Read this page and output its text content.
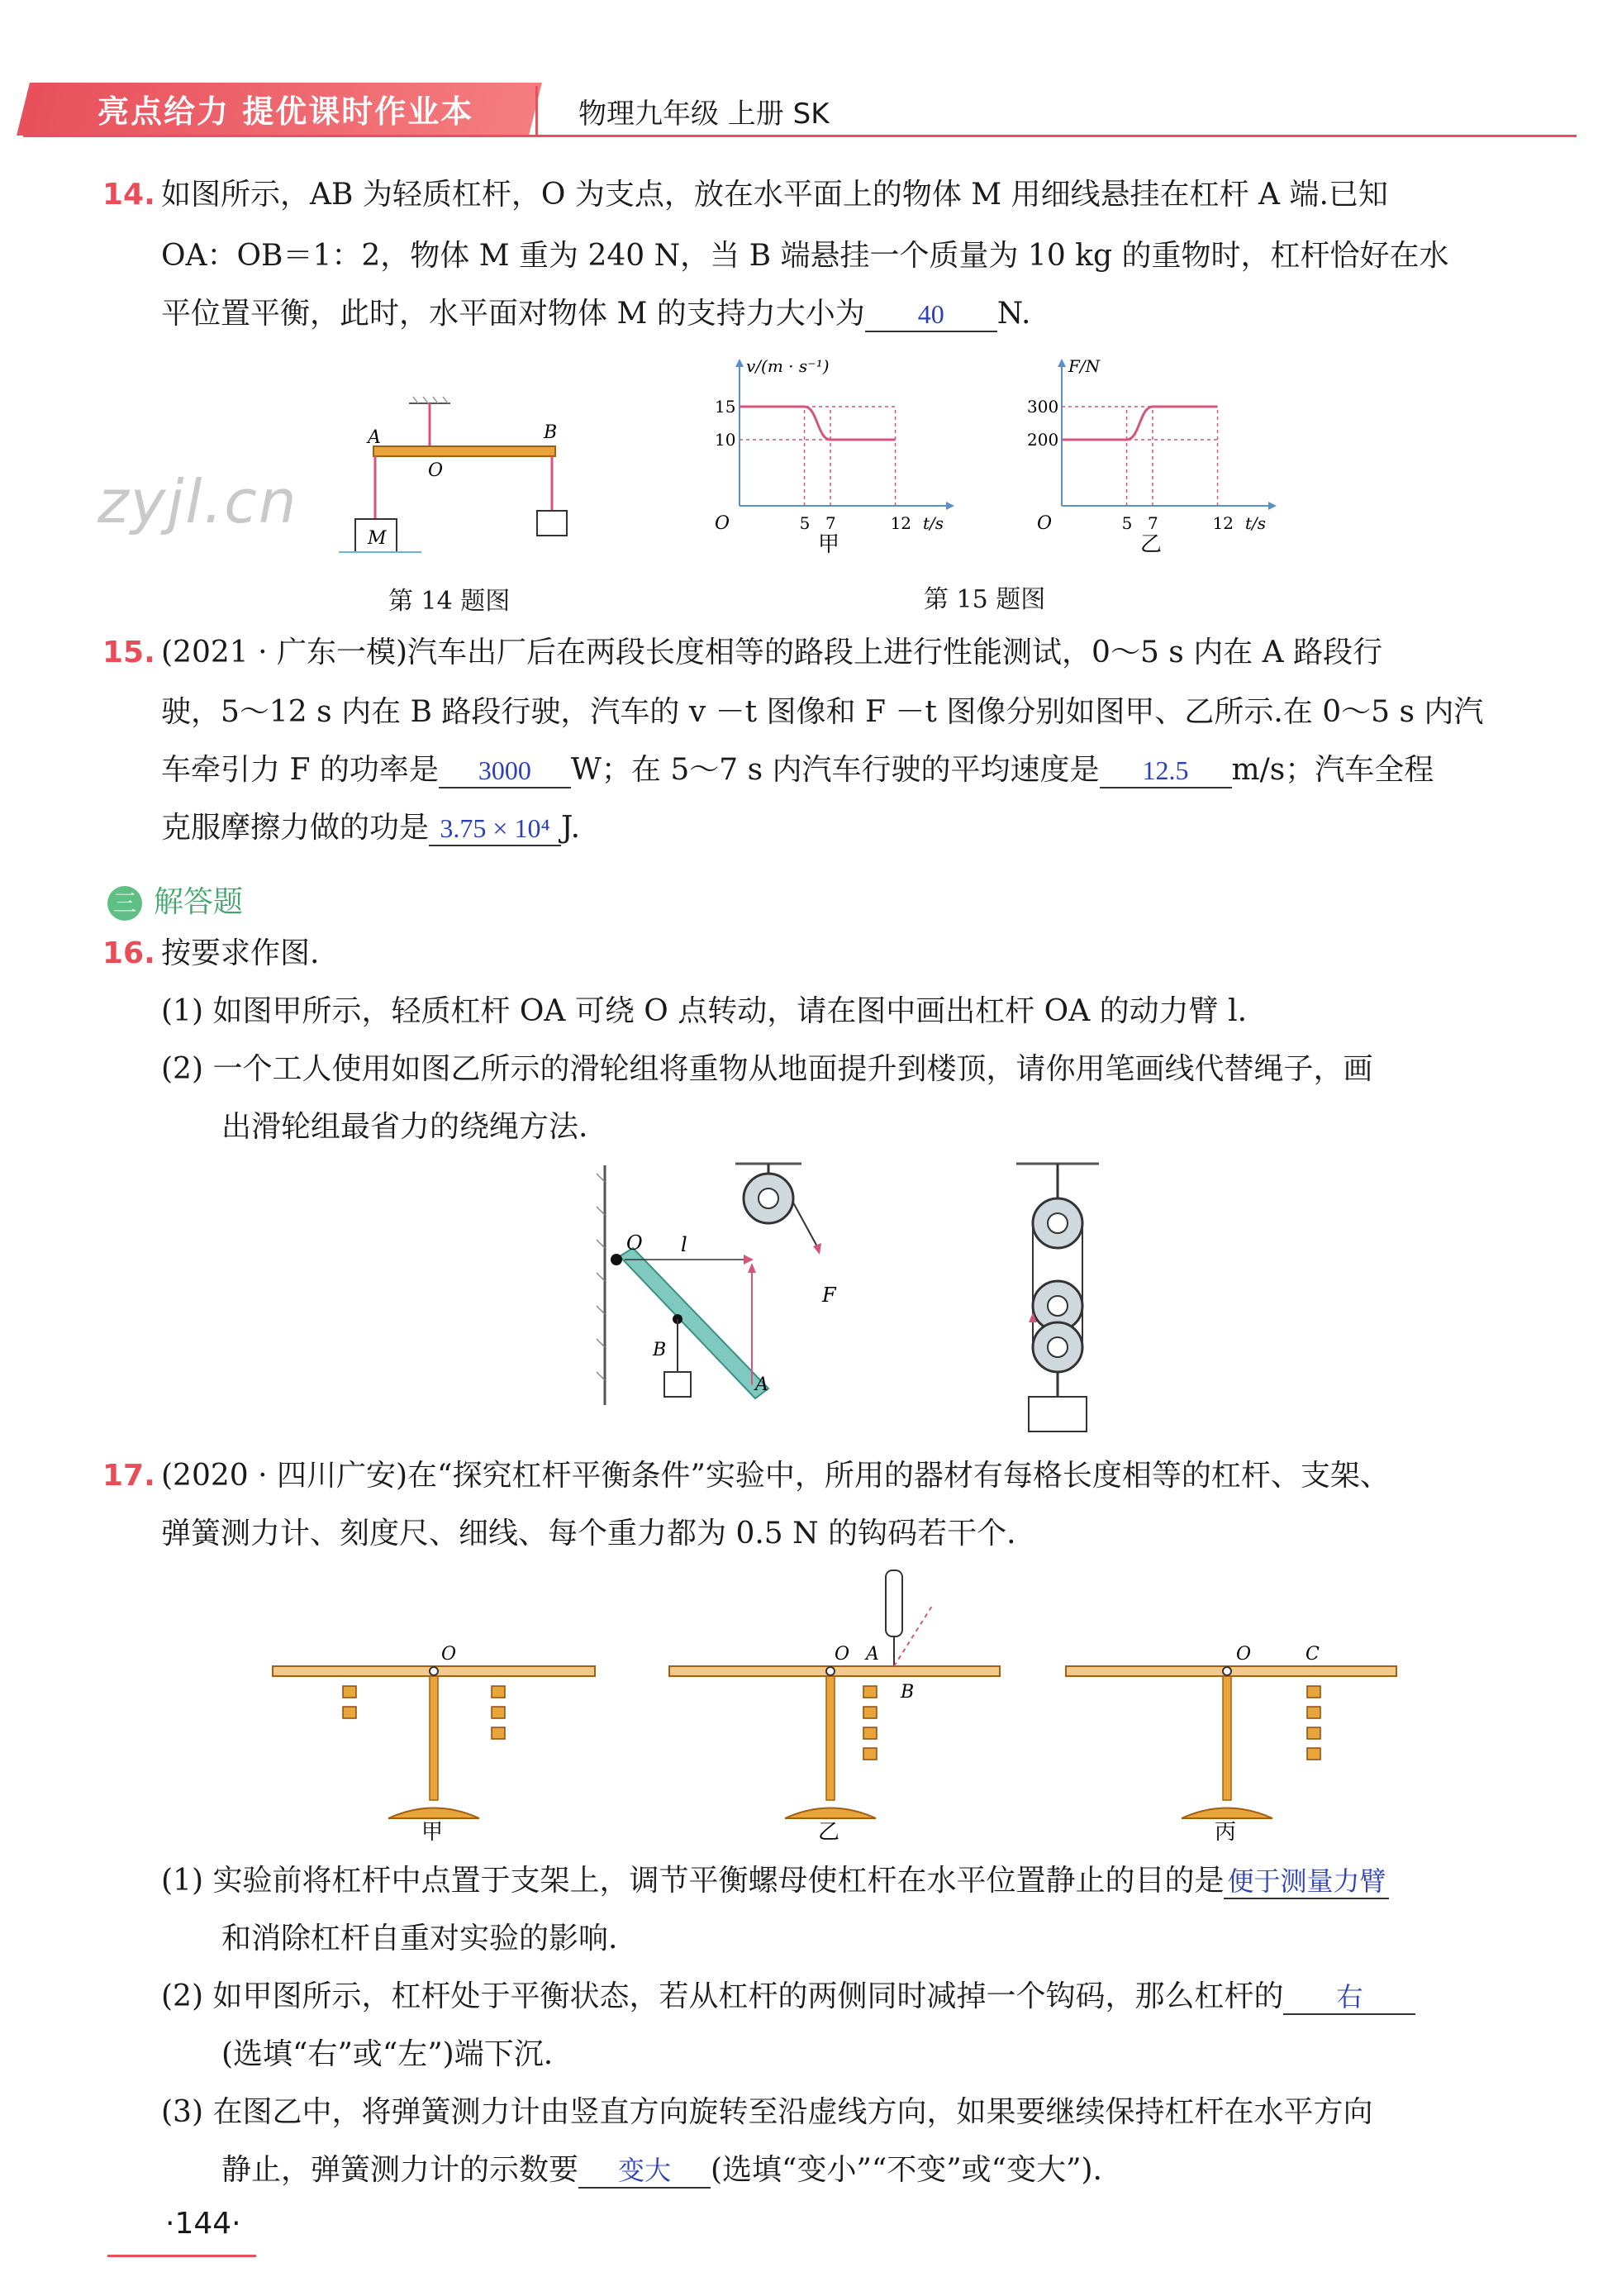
亮点给力 提优课时作业本	物理九年级 上册 SK
zyjl.cn
14. 如图所示，AB 为轻质杠杆，O 为支点，放在水平面上的物体 M 用细线悬挂在杠杆 A 端.已知
OA：OB＝1：2，物体 M 重为 240 N，当 B 端悬挂一个质量为 10 kg 的重物时，杠杆恰好在水
平位置平衡，此时，水平面对物体 M 的支持力大小为 40 N.
A	B
O
M
第 14 题图
5 7	12
10
15
v/(m · s⁻¹)
t/s
O
甲
5 7	12
200
300
F/N
t/s
O
乙
第 15 题图
15. (2021 · 广东一模)汽车出厂后在两段长度相等的路段上进行性能测试，0～5 s 内在 A 路段行
驶，5～12 s 内在 B 路段行驶，汽车的 v －t 图像和 F －t 图像分别如图甲、乙所示.在 0～5 s 内汽
车牵引力 F 的功率是 3000 W；在 5～7 s 内汽车行驶的平均速度是 12.5 m/s；汽车全程
克服摩擦力做的功是 3.75 × 10⁴ J.
三 解答题
16. 按要求作图.
(1) 如图甲所示，轻质杠杆 OA 可绕 O 点转动，请在图中画出杠杆 OA 的动力臂 l.
(2) 一个工人使用如图乙所示的滑轮组将重物从地面提升到楼顶，请你用笔画线代替绳子，画
出滑轮组最省力的绕绳方法.
O l
B
A
F
17. (2020 · 四川广安)在“探究杠杆平衡条件”实验中，所用的器材有每格长度相等的杠杆、支架、
弹簧测力计、刻度尺、细线、每个重力都为 0.5 N 的钩码若干个.
O
甲
O A
B
乙
O	C
丙
(1) 实验前将杠杆中点置于支架上，调节平衡螺母使杠杆在水平位置静止的目的是 便于测量力臂
和消除杠杆自重对实验的影响.
(2) 如甲图所示，杠杆处于平衡状态，若从杠杆的两侧同时减掉一个钩码，那么杠杆的 右
(选填“右”或“左”)端下沉.
(3) 在图乙中，将弹簧测力计由竖直方向旋转至沿虚线方向，如果要继续保持杠杆在水平方向
静止，弹簧测力计的示数要 变大 (选填“变小”“不变”或“变大”).
·144·
